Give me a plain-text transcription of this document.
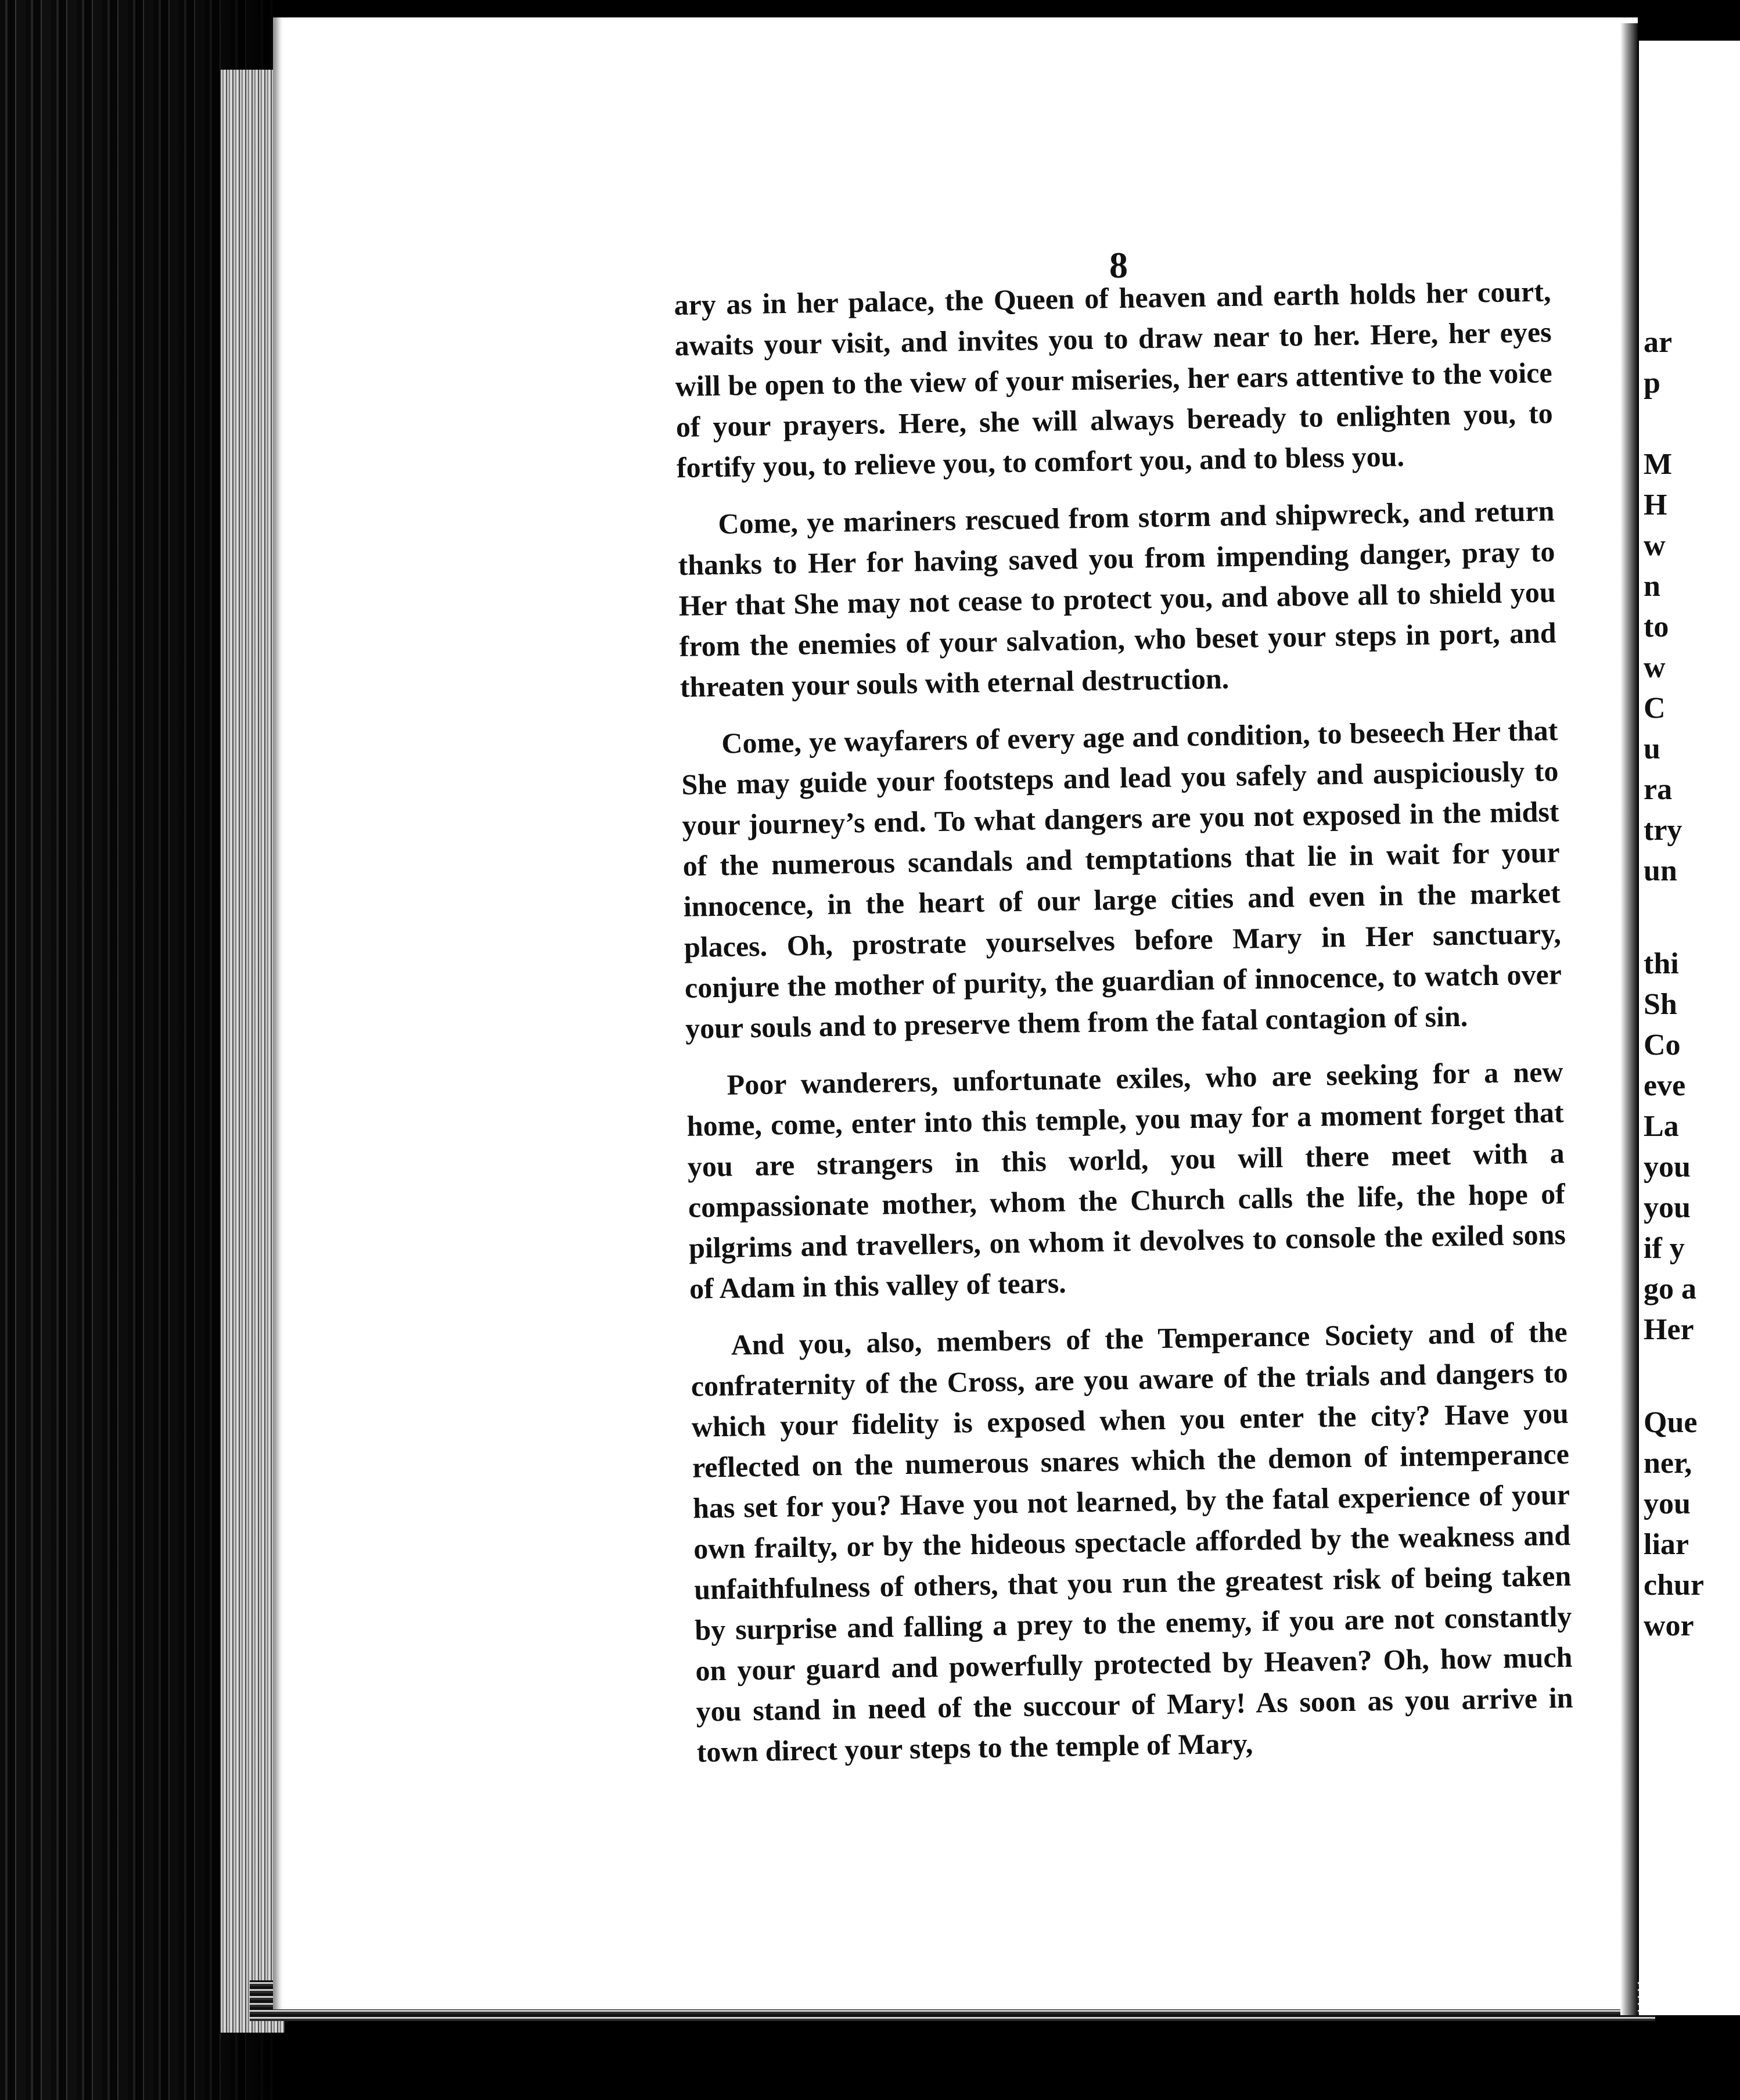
8

ary as in her palace, the Queen of heaven and earth holds her court, awaits your visit, and invites you to draw near to her. Here, her eyes will be open to the view of your miseries, her ears attentive to the voice of your prayers. Here, she will always beready to enlighten you, to fortify you, to relieve you, to comfort you, and to bless you.

Come, ye mariners rescued from storm and shipwreck, and return thanks to Her for having saved you from impending danger, pray to Her that She may not cease to protect you, and above all to shield you from the enemies of your salvation, who beset your steps in port, and threaten your souls with eternal destruction.

Come, ye wayfarers of every age and condition, to beseech Her that She may guide your footsteps and lead you safely and auspiciously to your journey’s end. To what dangers are you not exposed in the midst of the numerous scandals and temptations that lie in wait for your innocence, in the heart of our large cities and even in the market places. Oh, prostrate yourselves before Mary in Her sanctuary, conjure the mother of purity, the guardian of innocence, to watch over your souls and to preserve them from the fatal contagion of sin.

Poor wanderers, unfortunate exiles, who are seeking for a new home, come, enter into this temple, you may for a moment forget that you are strangers in this world, you will there meet with a compassionate mother, whom the Church calls the life, the hope of pilgrims and travellers, on whom it devolves to console the exiled sons of Adam in this valley of tears.

And you, also, members of the Temperance Society and of the confraternity of the Cross, are you aware of the trials and dangers to which your fidelity is exposed when you enter the city? Have you reflected on the numerous snares which the demon of intemperance has set for you? Have you not learned, by the fatal experience of your own frailty, or by the hideous spectacle afforded by the weakness and unfaithfulness of others, that you run the greatest risk of being taken by surprise and falling a prey to the enemy, if you are not constantly on your guard and powerfully protected by Heaven? Oh, how much you stand in need of the succour of Mary! As soon as you arrive in town direct your steps to the temple of Mary,

ar
p
M
H
w
n
to
w
C
u
ra
try
un
thi
Sh
Co
eve
La
you
you
if y
go a
Her
Que
ner,
you
liar
chur
wor
